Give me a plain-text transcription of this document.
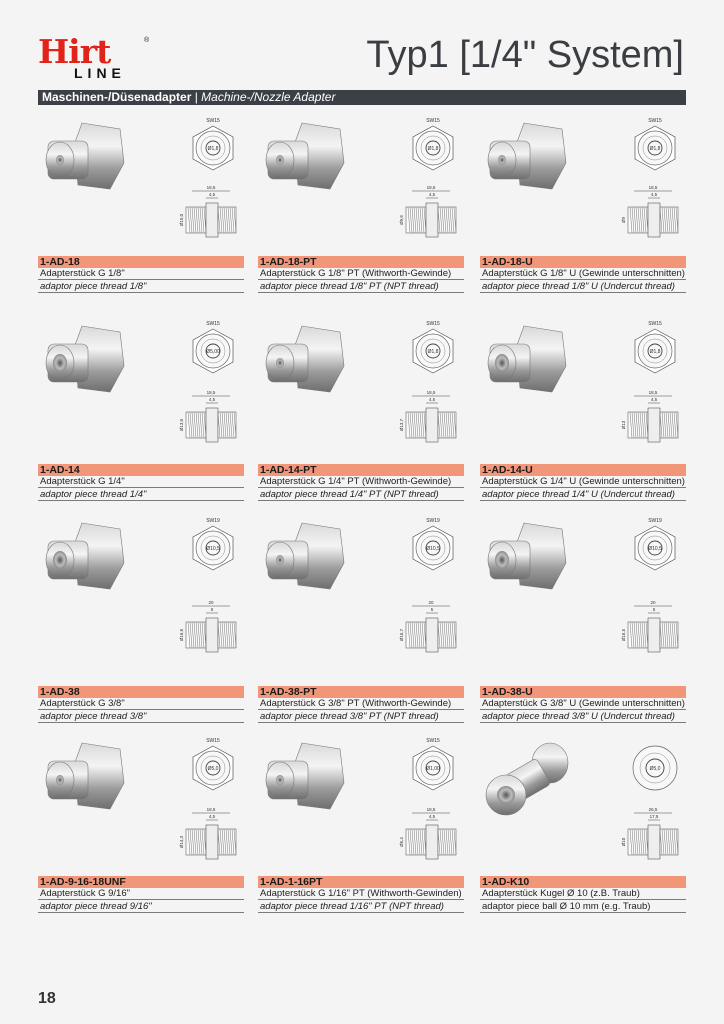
Hirt	®
LINE	Typ1 [1/4" System]
Maschinen-/Düsenadapter | Machine-/Nozzle Adapter
SW15
Ø1,8
18,5
4,5
Ø15,0
1-AD-18
Adapterstück G 1/8"
adaptor piece thread 1/8"
SW15
Ø1,8
18,5
4,5
Ø9,6
1-AD-18-PT
Adapterstück G 1/8" PT (Withworth-Gewinde)
adaptor piece thread 1/8" PT (NPT thread)
SW15
Ø1,8
18,5
4,5
Ø9
1-AD-18-U
Adapterstück G 1/8" U (Gewinde unterschnitten)
adaptor piece thread 1/8" U (Undercut thread)
SW15
Ø5,00
18,5
4,5
Ø13,0
1-AD-14
Adapterstück G 1/4"
adaptor piece thread 1/4"
SW15
Ø1,8
18,5
4,5
Ø13,7
1-AD-14-PT
Adapterstück G 1/4" PT (Withworth-Gewinde)
adaptor piece thread 1/4" PT (NPT thread)
SW15
Ø1,8
18,5
4,5
Ø13
1-AD-14-U
Adapterstück G 1/4" U (Gewinde unterschnitten)
adaptor piece thread 1/4" U (Undercut thread)
SW19
Ø10,5
20
5
Ø16,6
1-AD-38
Adapterstück G 3/8"
adaptor piece thread 3/8"
SW19
Ø10,5
20
5
Ø16,7
1-AD-38-PT
Adapterstück G 3/8" PT (Withworth-Gewinde)
adaptor piece thread 3/8" PT (NPT thread)
SW19
Ø10,5
20
5
Ø16,5
1-AD-38-U
Adapterstück G 3/8" U (Gewinde unterschnitten)
adaptor piece thread 3/8" U (Undercut thread)
SW15
Ø5,0
18,5
4,5
Ø14,3
1-AD-9-16-18UNF
Adapterstück G 9/16"
adaptor piece thread 9/16"
SW15
Ø1,00
18,5
4,5
Ø6,4
1-AD-1-16PT
Adapterstück G 1/16" PT (Withworth-Gewinden)
adaptor piece thread 1/16" PT (NPT thread)
Ø5,0
26,5
17,5
Ø10
1-AD-K10
Adapterstück Kugel Ø 10 (z.B. Traub)
adaptor piece ball Ø 10 mm (e.g. Traub)
18
